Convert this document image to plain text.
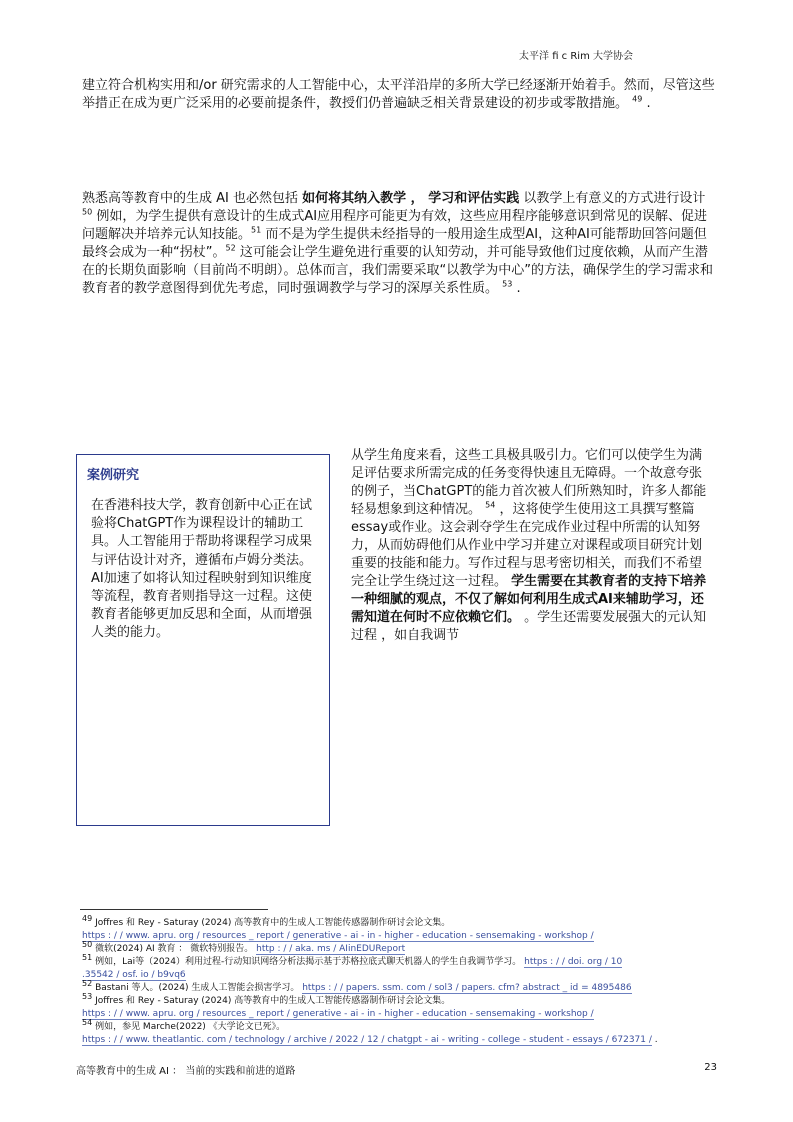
太平洋 fi c Rim 大学协会

建立符合机构实用和/or 研究需求的人工智能中心，太平洋沿岸的多所大学已经逐渐开始着手。然而，尽管这些举措正在成为更广泛采用的必要前提条件，教授们仍普遍缺乏相关背景建设的初步或零散措施。 $^{49}$ .

熟悉高等教育中的生成 AI 也必然包括 如何将其纳入教学 ， 学习和评估实践 以教学上有意义的方式进行设计 $^{50}$ 例如，为学生提供有意设计的生成式AI应用程序可能更为有效，这些应用程序能够意识到常见的误解、促进问题解决并培养元认知技能。$^{51}$ 而不是为学生提供未经指导的一般用途生成型AI，这种AI可能帮助回答问题但最终会成为一种“拐杖”。$^{52}$ 这可能会让学生避免进行重要的认知劳动，并可能导致他们过度依赖，从而产生潜在的长期负面影响（目前尚不明朗）。总体而言，我们需要采取“以教学为中心”的方法，确保学生的学习需求和教育者的教学意图得到优先考虑，同时强调教学与学习的深厚关系性质。 $^{53}$ .

案例研究

在香港科技大学，教育创新中心正在试验将ChatGPT作为课程设计的辅助工具。人工智能用于帮助将课程学习成果与评估设计对齐，遵循布卢姆分类法。AI加速了如将认知过程映射到知识维度等流程，教育者则指导这一过程。这使教育者能够更加反思和全面，从而增强人类的能力。

从学生角度来看，这些工具极具吸引力。它们可以使学生为满足评估要求所需完成的任务变得快速且无障碍。一个故意夸张的例子，当ChatGPT的能力首次被人们所熟知时，许多人都能轻易想象到这种情况。 $^{54}$ ，这将使学生使用这工具撰写整篇essay或作业。这会剥夺学生在完成作业过程中所需的认知努力，从而妨碍他们从作业中学习并建立对课程或项目研究计划重要的技能和能力。写作过程与思考密切相关，而我们不希望完全让学生绕过这一过程。 学生需要在其教育者的支持下培养一种细腻的观点，不仅了解如何利用生成式AI来辅助学习，还需知道在何时不应依赖它们。 。学生还需要发展强大的元认知过程 ，如自我调节

$^{49}$ Joffres 和 Rey - Saturay (2024) 高等教育中的生成人工智能传感器制作研讨会论文集。
https : / / www. apru. org / resources _ report / generative - ai - in - higher - education - sensemaking - workshop /
$^{50}$ 微软(2024) AI 教育 ： 微软特别报告。 http : / / aka. ms / AIinEDUReport
$^{51}$ 例如，Lai等（2024）利用过程-行动知识网络分析法揭示基于苏格拉底式聊天机器人的学生自我调节学习。 https : / / doi. org / 10
.35542 / osf. io / b9vq6
$^{52}$ Bastani 等人。(2024) 生成人工智能会损害学习。 https : / / papers. ssm. com / sol3 / papers. cfm? abstract _ id = 4895486
$^{53}$ Joffres 和 Rey - Saturay (2024) 高等教育中的生成人工智能传感器制作研讨会论文集。
https : / / www. apru. org / resources _ report / generative - ai - in - higher - education - sensemaking - workshop /
$^{54}$ 例如，参见 Marche(2022) 《大学论文已死》。
https : / / www. theatlantic. com / technology / archive / 2022 / 12 / chatgpt - ai - writing - college - student - essays / 672371 / .
高等教育中的生成 AI ： 当前的实践和前进的道路	23
